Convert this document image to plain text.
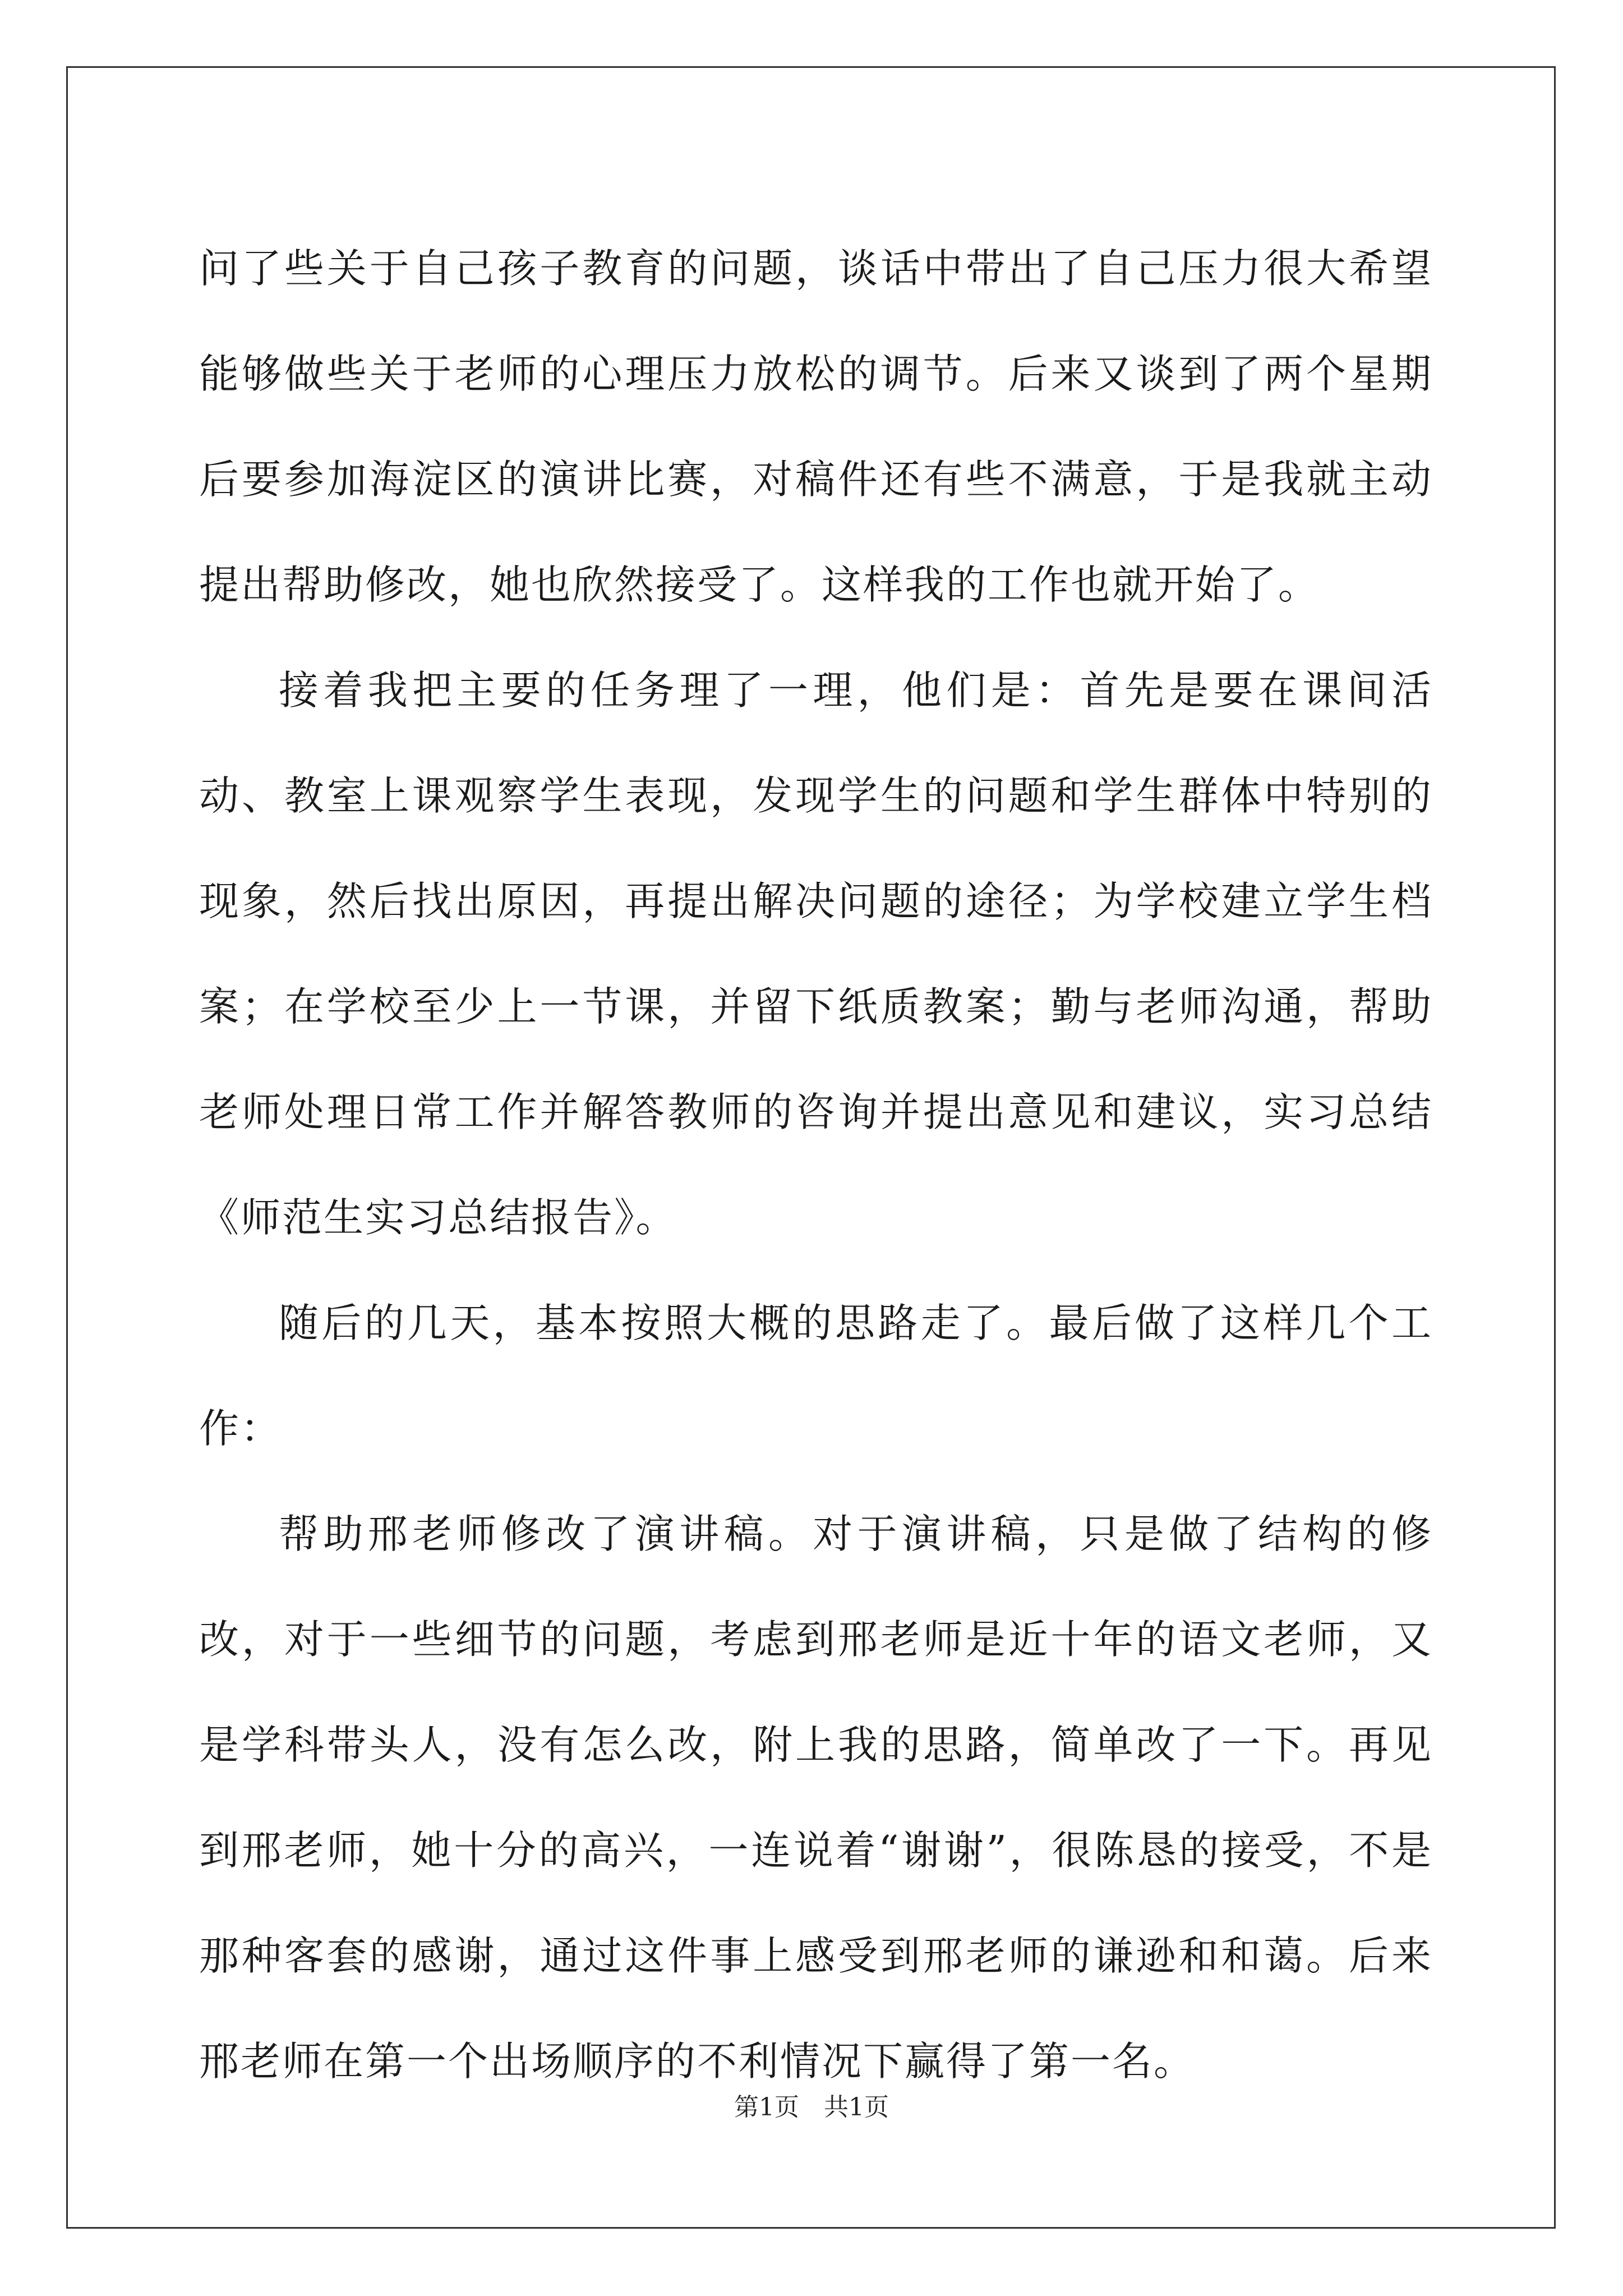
问了些关于自己孩子教育的问题，谈话中带出了自己压力很大希望能够做些关于老师的心理压力放松的调节。后来又谈到了两个星期后要参加海淀区的演讲比赛，对稿件还有些不满意，于是我就主动提出帮助修改，她也欣然接受了。这样我的工作也就开始了。

接着我把主要的任务理了一理，他们是：首先是要在课间活动、教室上课观察学生表现，发现学生的问题和学生群体中特别的现象，然后找出原因，再提出解决问题的途径；为学校建立学生档案；在学校至少上一节课，并留下纸质教案；勤与老师沟通，帮助老师处理日常工作并解答教师的咨询并提出意见和建议，实习总结《师范生实习总结报告》。

随后的几天，基本按照大概的思路走了。最后做了这样几个工作：

帮助邢老师修改了演讲稿。对于演讲稿，只是做了结构的修改，对于一些细节的问题，考虑到邢老师是近十年的语文老师，又是学科带头人，没有怎么改，附上我的思路，简单改了一下。再见到邢老师，她十分的高兴，一连说着“谢谢”，很陈恳的接受，不是那种客套的感谢，通过这件事上感受到邢老师的谦逊和和蔼。后来邢老师在第一个出场顺序的不利情况下赢得了第一名。

第1页　共1页
